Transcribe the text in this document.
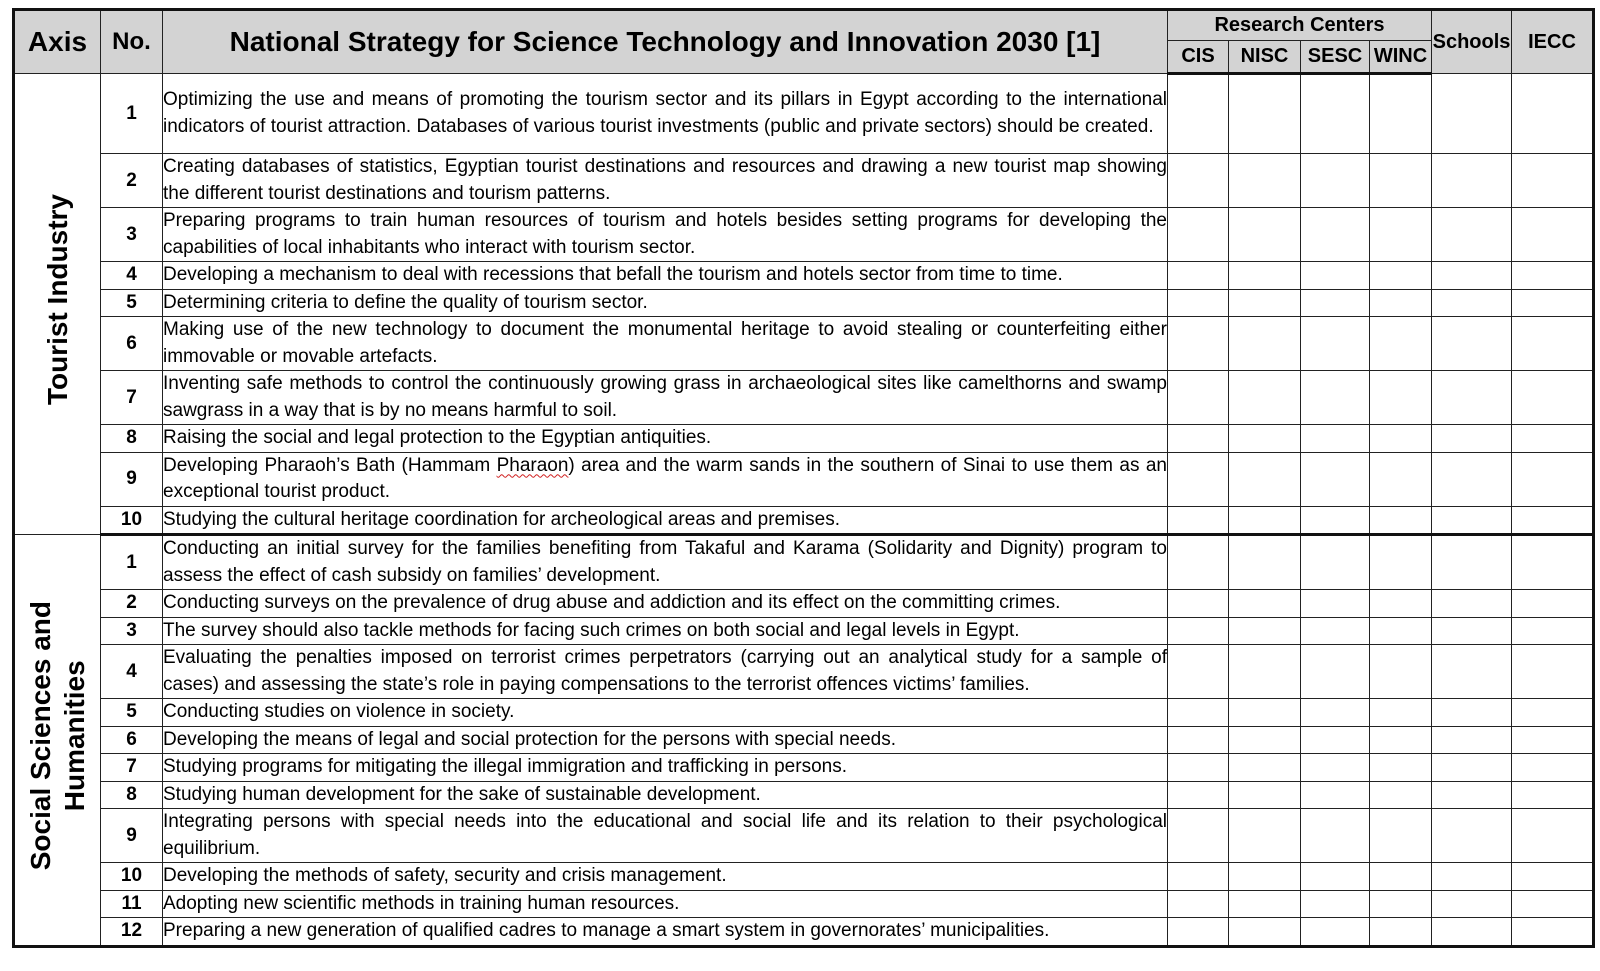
Axis	No.	National Strategy for Science Technology and Innovation 2030 [1]	Research Centers				Schools	IECC
			CIS	NISC	SESC	WINC		

Tourist Industry	1	Optimizing the use and means of promoting the tourism sector and its pillars in Egypt according to the international indicators of tourist attraction. Databases of various tourist investments (public and private sectors) should be created.						
	2	Creating databases of statistics, Egyptian tourist destinations and resources and drawing a new tourist map showing the different tourist destinations and tourism patterns.						
	3	Preparing programs to train human resources of tourism and hotels besides setting programs for developing the capabilities of local inhabitants who interact with tourism sector.						
	4	Developing a mechanism to deal with recessions that befall the tourism and hotels sector from time to time.						
	5	Determining criteria to define the quality of tourism sector.						
	6	Making use of the new technology to document the monumental heritage to avoid stealing or counterfeiting either immovable or movable artefacts.						
	7	Inventing safe methods to control the continuously growing grass in archaeological sites like camelthorns and swamp sawgrass in a way that is by no means harmful to soil.						
	8	Raising the social and legal protection to the Egyptian antiquities.						
	9	Developing Pharaoh’s Bath (Hammam Pharaon) area and the warm sands in the southern of Sinai to use them as an exceptional tourist product.						
	10	Studying the cultural heritage coordination for archeological areas and premises.						

Social Sciences and Humanities	1	Conducting an initial survey for the families benefiting from Takaful and Karama (Solidarity and Dignity) program to assess the effect of cash subsidy on families’ development.						
	2	Conducting surveys on the prevalence of drug abuse and addiction and its effect on the committing crimes.						
	3	The survey should also tackle methods for facing such crimes on both social and legal levels in Egypt.						
	4	Evaluating the penalties imposed on terrorist crimes perpetrators (carrying out an analytical study for a sample of cases) and assessing the state’s role in paying compensations to the terrorist offences victims’ families.						
	5	Conducting studies on violence in society.						
	6	Developing the means of legal and social protection for the persons with special needs.						
	7	Studying programs for mitigating the illegal immigration and trafficking in persons.						
	8	Studying human development for the sake of sustainable development.						
	9	Integrating persons with special needs into the educational and social life and its relation to their psychological equilibrium.						
	10	Developing the methods of safety, security and crisis management.						
	11	Adopting new scientific methods in training human resources.						
	12	Preparing a new generation of qualified cadres to manage a smart system in governorates’ municipalities.						
